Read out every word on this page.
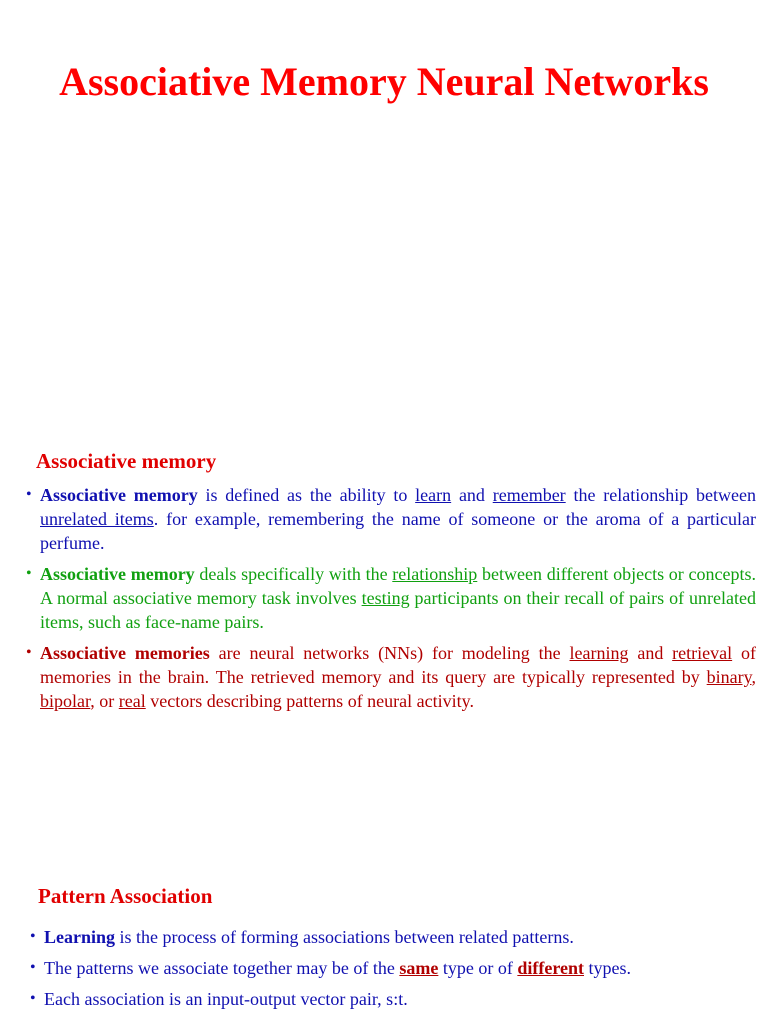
Associative Memory Neural Networks
Associative memory
• Associative memory is defined as the ability to learn and remember the relationship between unrelated items. for example, remembering the name of someone or the aroma of a particular perfume.
• Associative memory deals specifically with the relationship between different objects or concepts. A normal associative memory task involves testing participants on their recall of pairs of unrelated items, such as face-name pairs.
• Associative memories are neural networks (NNs) for modeling the learning and retrieval of memories in the brain. The retrieved memory and its query are typically represented by binary, bipolar, or real vectors describing patterns of neural activity.
Pattern Association
• Learning is the process of forming associations between related patterns.
• The patterns we associate together may be of the same type or of different types.
• Each association is an input-output vector pair, s:t.
